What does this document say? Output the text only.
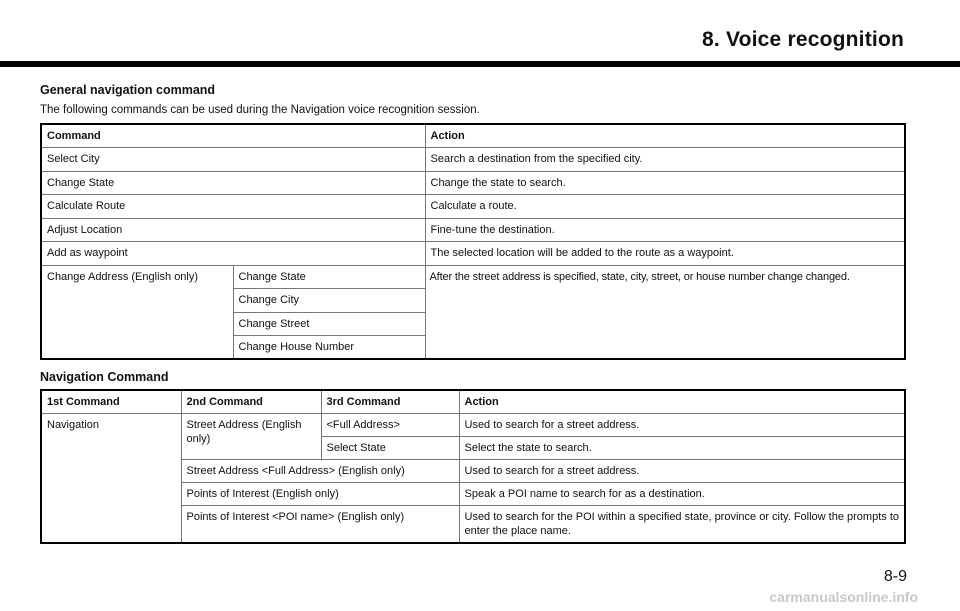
8. Voice recognition
General navigation command
The following commands can be used during the Navigation voice recognition session.
Command		Action
Select City		Search a destination from the specified city.
Change State		Change the state to search.
Calculate Route		Calculate a route.
Adjust Location		Fine-tune the destination.
Add as waypoint		The selected location will be added to the route as a waypoint.
Change Address (English only)	Change State	After the street address is specified, state, city, street, or house number change changed.
	Change City	
	Change Street	
	Change House Number	
Navigation Command
1st Command	2nd Command	3rd Command	Action
Navigation	Street Address (English only)	<Full Address>	Used to search for a street address.
		Select State	Select the state to search.
	Street Address <Full Address> (English only)		Used to search for a street address.
	Points of Interest (English only)		Speak a POI name to search for as a destination.
	Points of Interest <POI name> (English only)		Used to search for the POI within a specified state, province or city. Follow the prompts to enter the place name.
8-9
carmanualsonline.info
